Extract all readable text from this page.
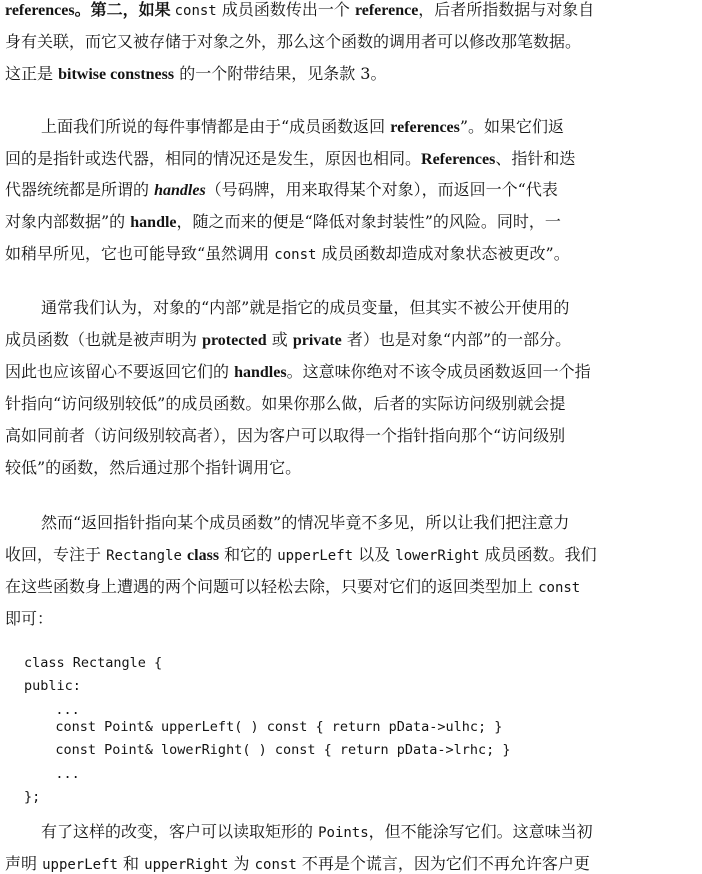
references。第二，如果 const 成员函数传出一个 reference，后者所指数据与对象自
身有关联，而它又被存储于对象之外，那么这个函数的调用者可以修改那笔数据。
这正是 bitwise constness 的一个附带结果，见条款 3。
上面我们所说的每件事情都是由于“成员函数返回 references”。如果它们返
回的是指针或迭代器，相同的情况还是发生，原因也相同。References、指针和迭
代器统统都是所谓的 handles（号码牌，用来取得某个对象），而返回一个“代表
对象内部数据”的 handle，随之而来的便是“降低对象封装性”的风险。同时，一
如稍早所见，它也可能导致“虽然调用 const 成员函数却造成对象状态被更改”。
通常我们认为，对象的“内部”就是指它的成员变量，但其实不被公开使用的
成员函数（也就是被声明为 protected 或 private 者）也是对象“内部”的一部分。
因此也应该留心不要返回它们的 handles。这意味你绝对不该令成员函数返回一个指
针指向“访问级别较低”的成员函数。如果你那么做，后者的实际访问级别就会提
高如同前者（访问级别较高者），因为客户可以取得一个指针指向那个“访问级别
较低”的函数，然后通过那个指针调用它。
然而“返回指针指向某个成员函数”的情况毕竟不多见，所以让我们把注意力
收回，专注于 Rectangle class 和它的 upperLeft 以及 lowerRight 成员函数。我们
在这些函数身上遭遇的两个问题可以轻松去除，只要对它们的返回类型加上 const
即可：
class Rectangle {
public:
...
const Point& upperLeft( ) const { return pData->ulhc; }
const Point& lowerRight( ) const { return pData->lrhc; }
...
};
有了这样的改变，客户可以读取矩形的 Points，但不能涂写它们。这意味当初
声明 upperLeft 和 upperRight 为 const 不再是个谎言，因为它们不再允许客户更
